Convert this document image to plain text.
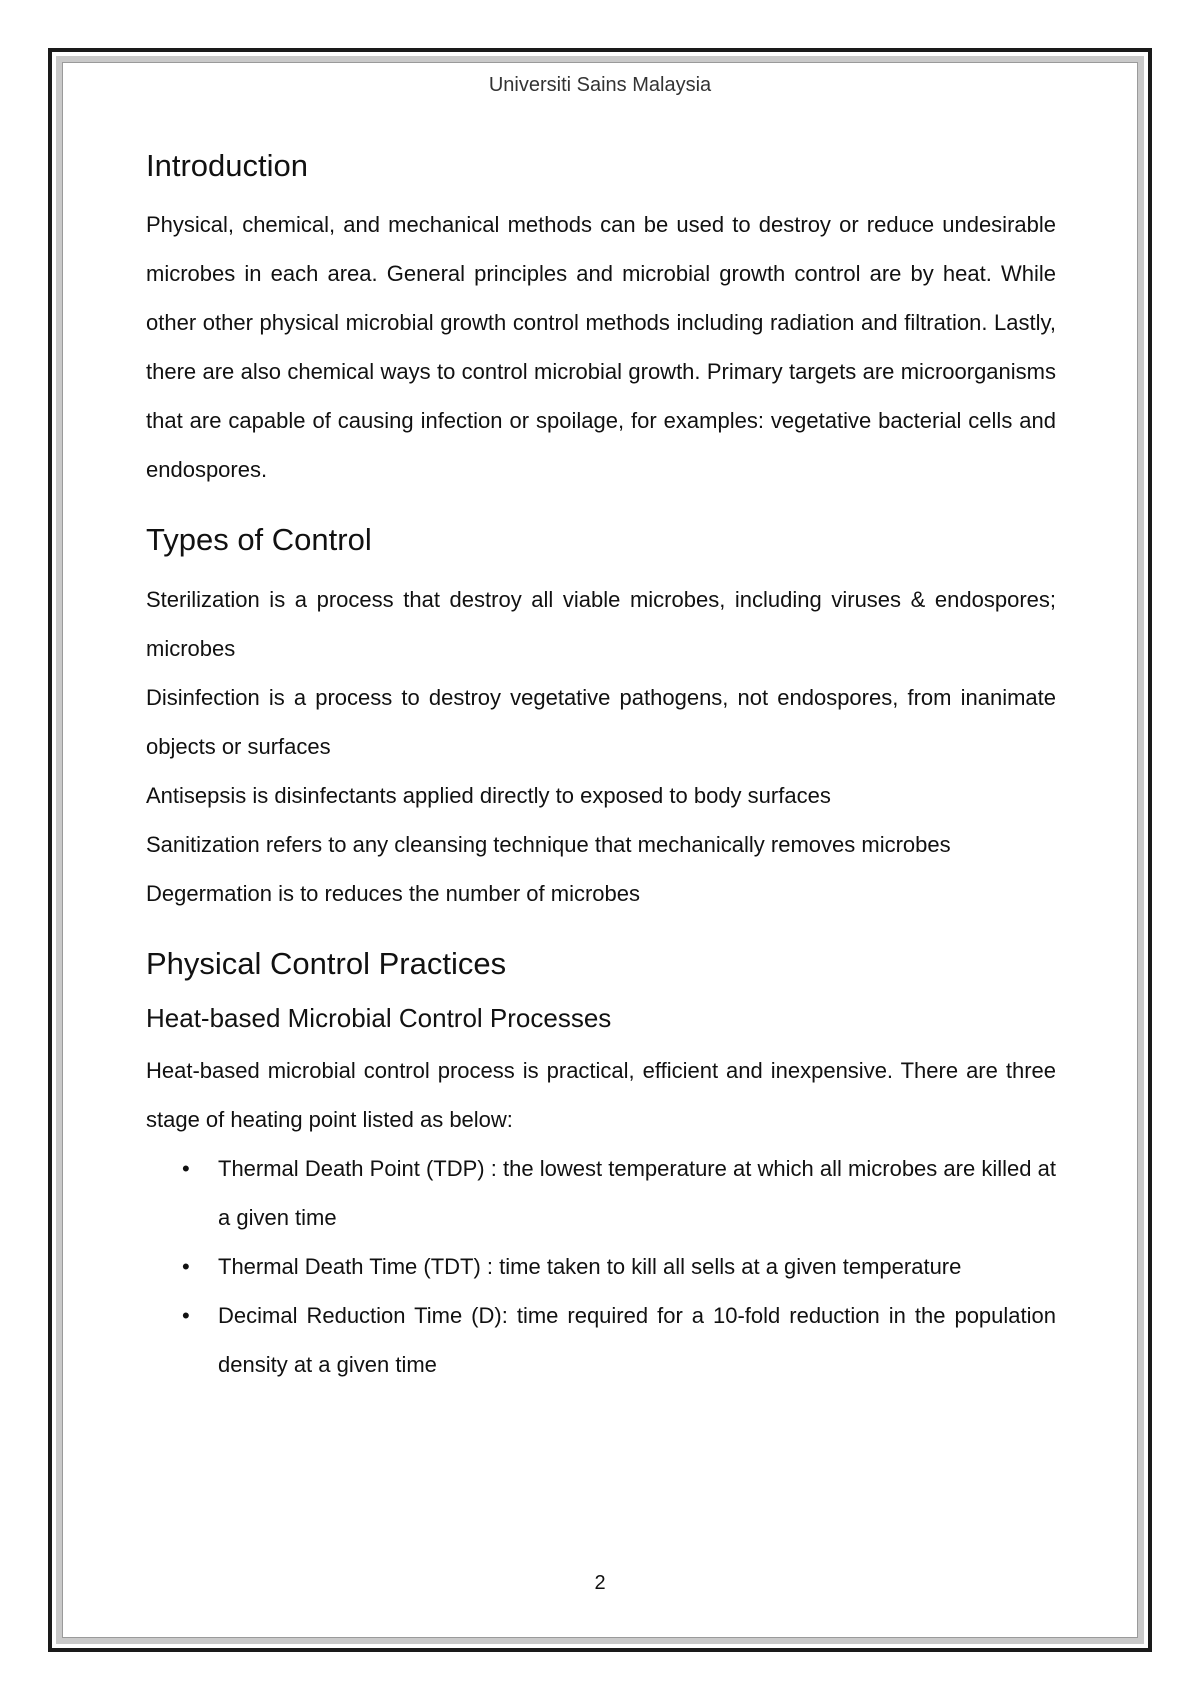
Universiti Sains Malaysia
Introduction

Physical, chemical, and mechanical methods can be used to destroy or reduce undesirable microbes in each area. General principles and microbial growth control are by heat. While other other physical microbial growth control methods including radiation and filtration. Lastly, there are also chemical ways to control microbial growth. Primary targets are microorganisms that are capable of causing infection or spoilage, for examples: vegetative bacterial cells and endospores.

Types of Control

Sterilization is a process that destroy all viable microbes, including viruses & endospores; microbes

Disinfection is a process to destroy vegetative pathogens, not endospores, from inanimate objects or surfaces

Antisepsis is disinfectants applied directly to exposed to body surfaces

Sanitization refers to any cleansing technique that mechanically removes microbes

Degermation is to reduces the number of microbes

Physical Control Practices
Heat-based Microbial Control Processes

Heat-based microbial control process is practical, efficient and inexpensive. There are three stage of heating point listed as below:

• Thermal Death Point (TDP) : the lowest temperature at which all microbes are killed at a given time
• Thermal Death Time (TDT) : time taken to kill all sells at a given temperature
• Decimal Reduction Time (D): time required for a 10-fold reduction in the population density at a given time
2
